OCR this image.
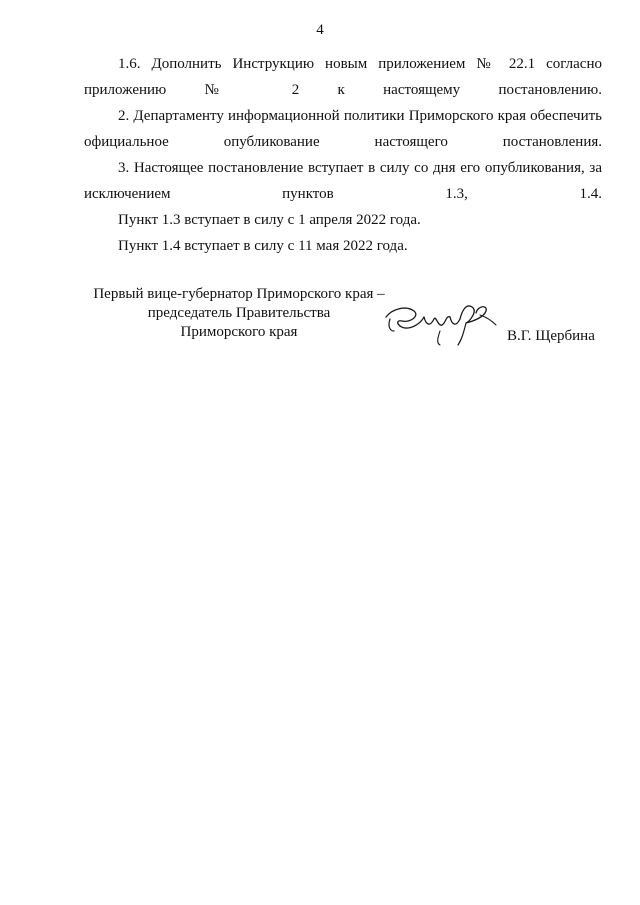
4

1.6. Дополнить Инструкцию новым приложением № 22.1 согласно приложению № 2 к настоящему постановлению.

2. Департаменту информационной политики Приморского края обеспечить официальное опубликование настоящего постановления.

3. Настоящее постановление вступает в силу со дня его опубликования, за исключением пунктов 1.3, 1.4.

Пункт 1.3 вступает в силу с 1 апреля 2022 года.

Пункт 1.4 вступает в силу с 11 мая 2022 года.

Первый вице-губернатор Приморского края –
председатель Правительства
Приморского края	В.Г. Щербина
